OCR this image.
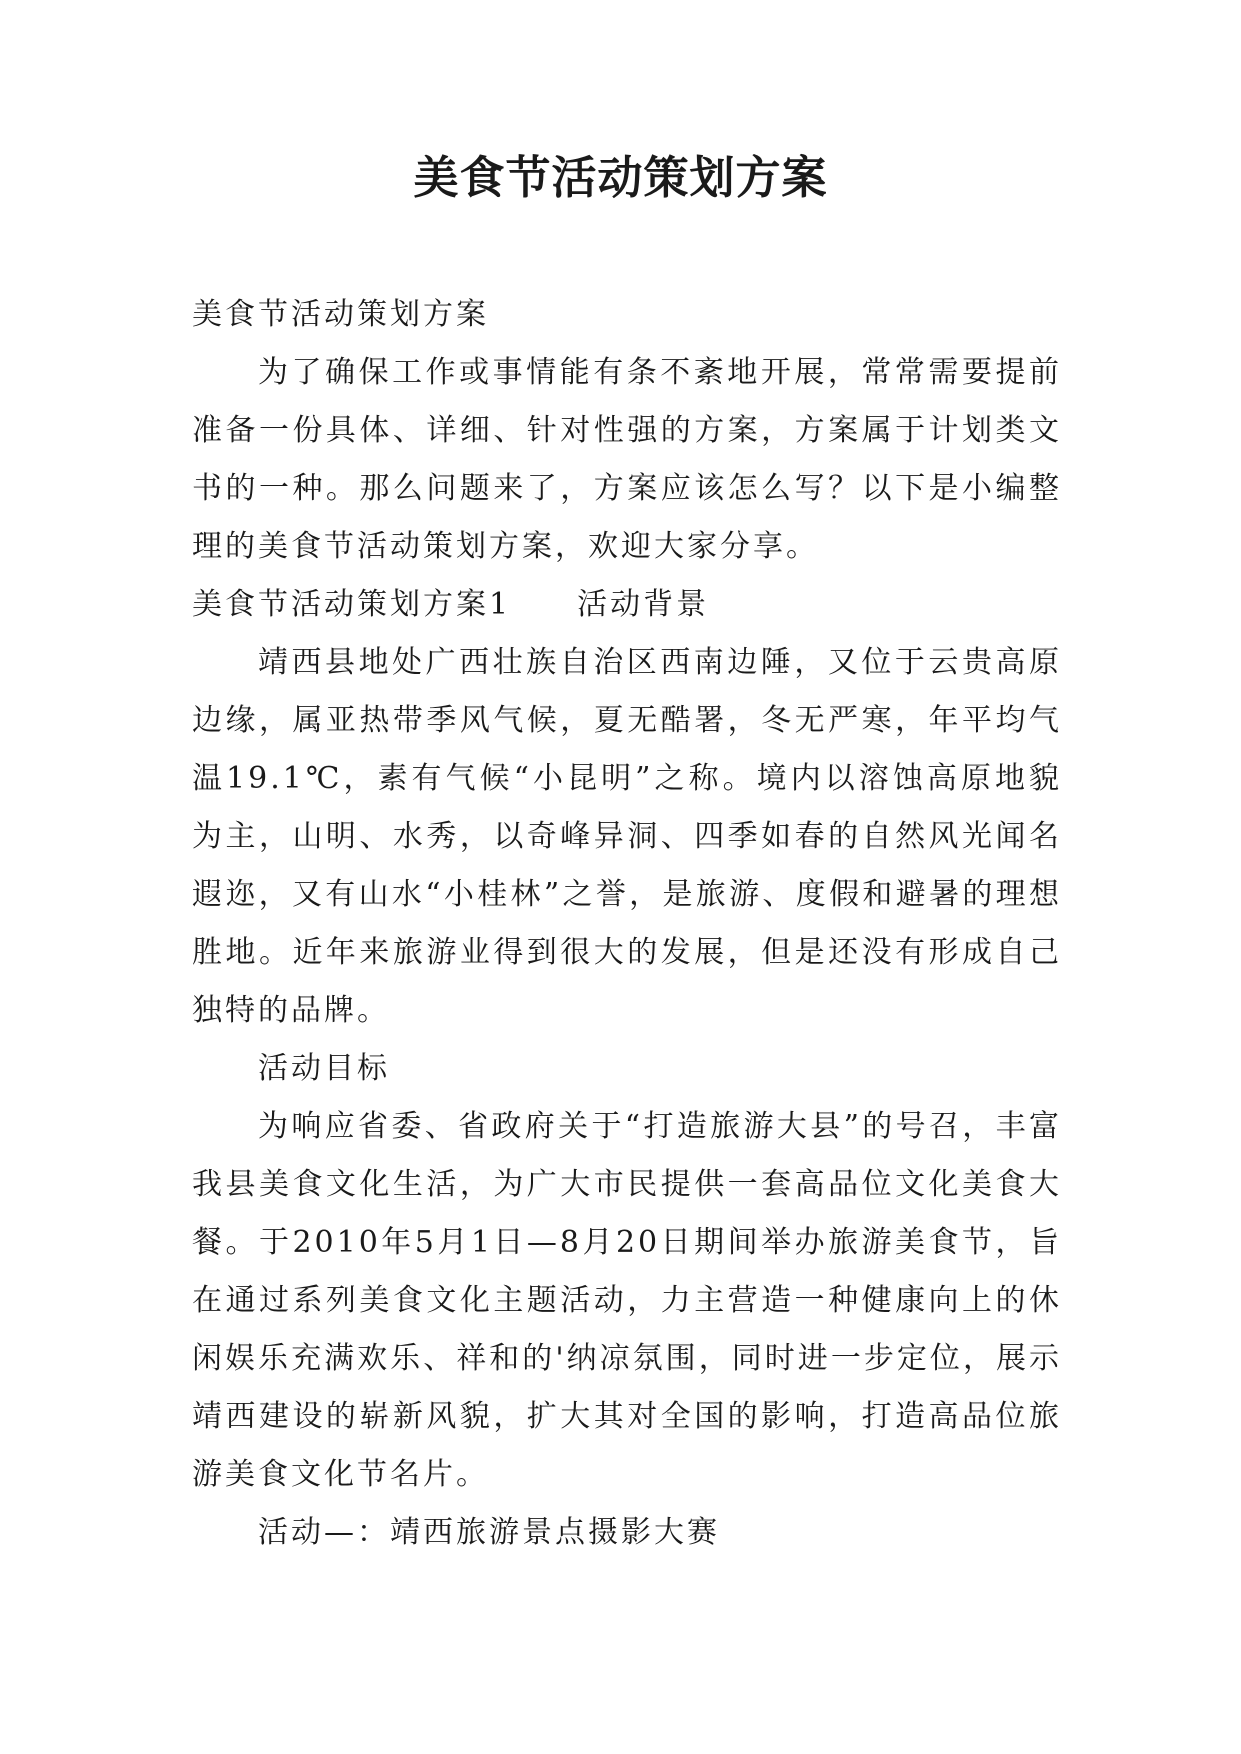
美食节活动策划方案

美食节活动策划方案

为了确保工作或事情能有条不紊地开展，常常需要提前准备一份具体、详细、针对性强的方案，方案属于计划类文书的一种。那么问题来了，方案应该怎么写？以下是小编整理的美食节活动策划方案，欢迎大家分享。

美食节活动策划方案1 活动背景

靖西县地处广西壮族自治区西南边陲，又位于云贵高原边缘，属亚热带季风气候，夏无酷署，冬无严寒，年平均气温19.1℃，素有气候“小昆明”之称。境内以溶蚀高原地貌为主，山明、水秀，以奇峰异洞、四季如春的自然风光闻名遐迩，又有山水“小桂林”之誉，是旅游、度假和避暑的理想胜地。近年来旅游业得到很大的发展，但是还没有形成自己独特的品牌。

活动目标

为响应省委、省政府关于“打造旅游大县”的号召，丰富我县美食文化生活，为广大市民提供一套高品位文化美食大餐。于2010年5月1日—8月20日期间举办旅游美食节，旨在通过系列美食文化主题活动，力主营造一种健康向上的休闲娱乐充满欢乐、祥和的'纳凉氛围，同时进一步定位，展示靖西建设的崭新风貌，扩大其对全国的影响，打造高品位旅游美食文化节名片。

活动—：靖西旅游景点摄影大赛
